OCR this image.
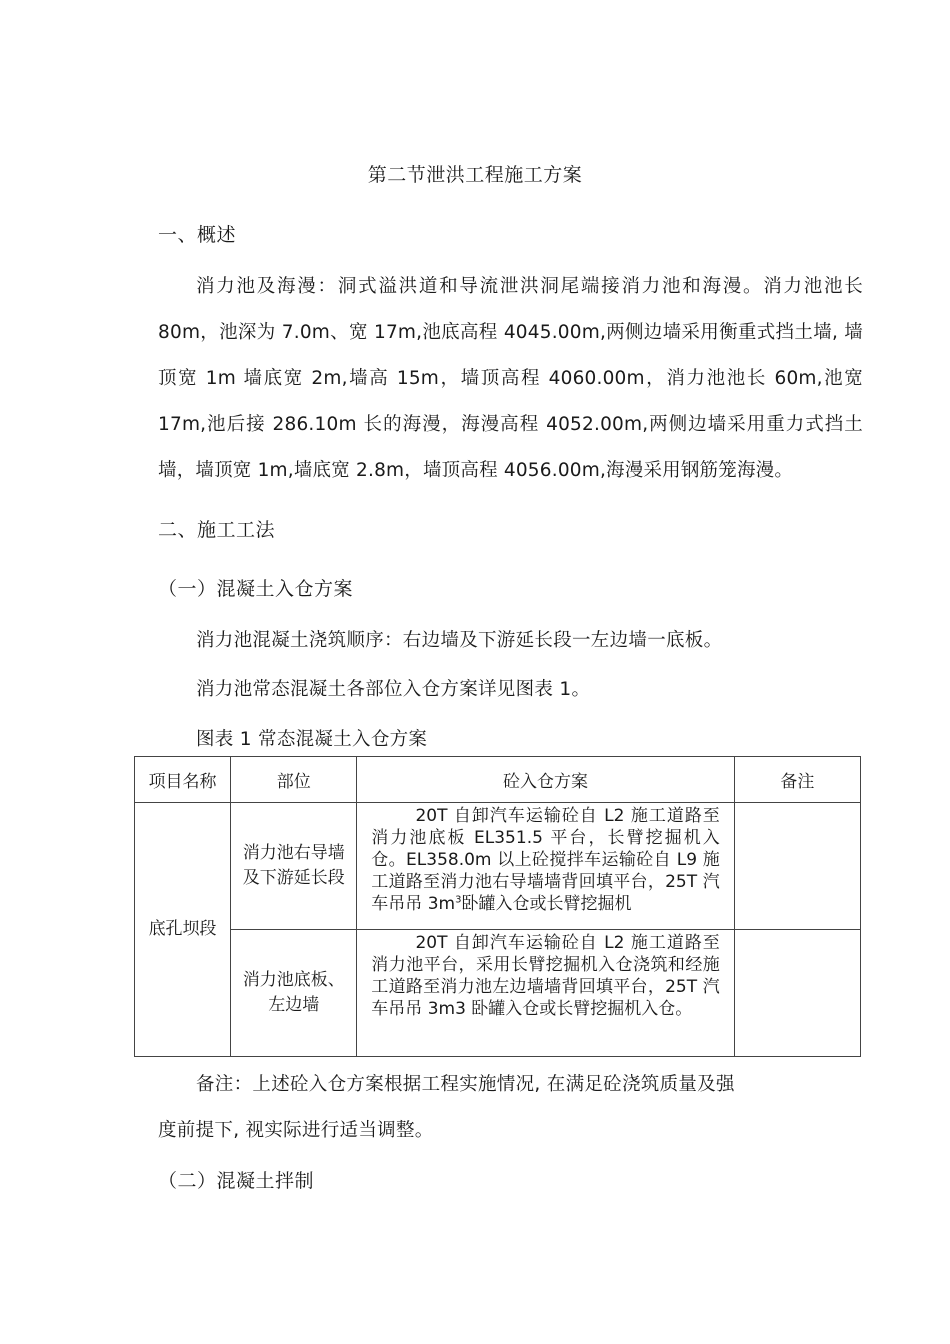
第二节泄洪工程施工方案
一、概述
消力池及海漫：洞式溢洪道和导流泄洪洞尾端接消力池和海漫。消力池池长 80m，池深为 7.0m、宽 17m,池底高程 4045.00m,两侧边墙采用衡重式挡土墙, 墙顶宽 1m 墙底宽 2m,墙高 15m，墙顶高程 4060.00m，消力池池长 60m,池宽 17m,池后接 286.10m 长的海漫，海漫高程 4052.00m,两侧边墙采用重力式挡土墙，墙顶宽 1m,墙底宽 2.8m，墙顶高程 4056.00m,海漫采用钢筋笼海漫。
二、施工工法
（一）混凝土入仓方案
消力池混凝土浇筑顺序：右边墙及下游延长段一左边墙一底板。
消力池常态混凝土各部位入仓方案详见图表 1。
图表 1 常态混凝土入仓方案
项目名称	部位	砼入仓方案	备注
底孔坝段	消力池右导墙及下游延长段	20T 自卸汽车运输砼自 L2 施工道路至消力池底板 EL351.5 平台，长臂挖掘机入仓。EL358.0m 以上砼搅拌车运输砼自 L9 施工道路至消力池右导墙墙背回填平台，25T 汽车吊吊 $3m^3$卧罐入仓或长臂挖掘机	
	消力池底板、左边墙	20T 自卸汽车运输砼自 L2 施工道路至消力池平台，采用长臂挖掘机入仓浇筑和经施工道路至消力池左边墙墙背回填平台，25T 汽车吊吊 3m3 卧罐入仓或长臂挖掘机入仓。	
备注：上述砼入仓方案根据工程实施情况, 在满足砼浇筑质量及强
度前提下, 视实际进行适当调整。
（二）混凝土拌制
